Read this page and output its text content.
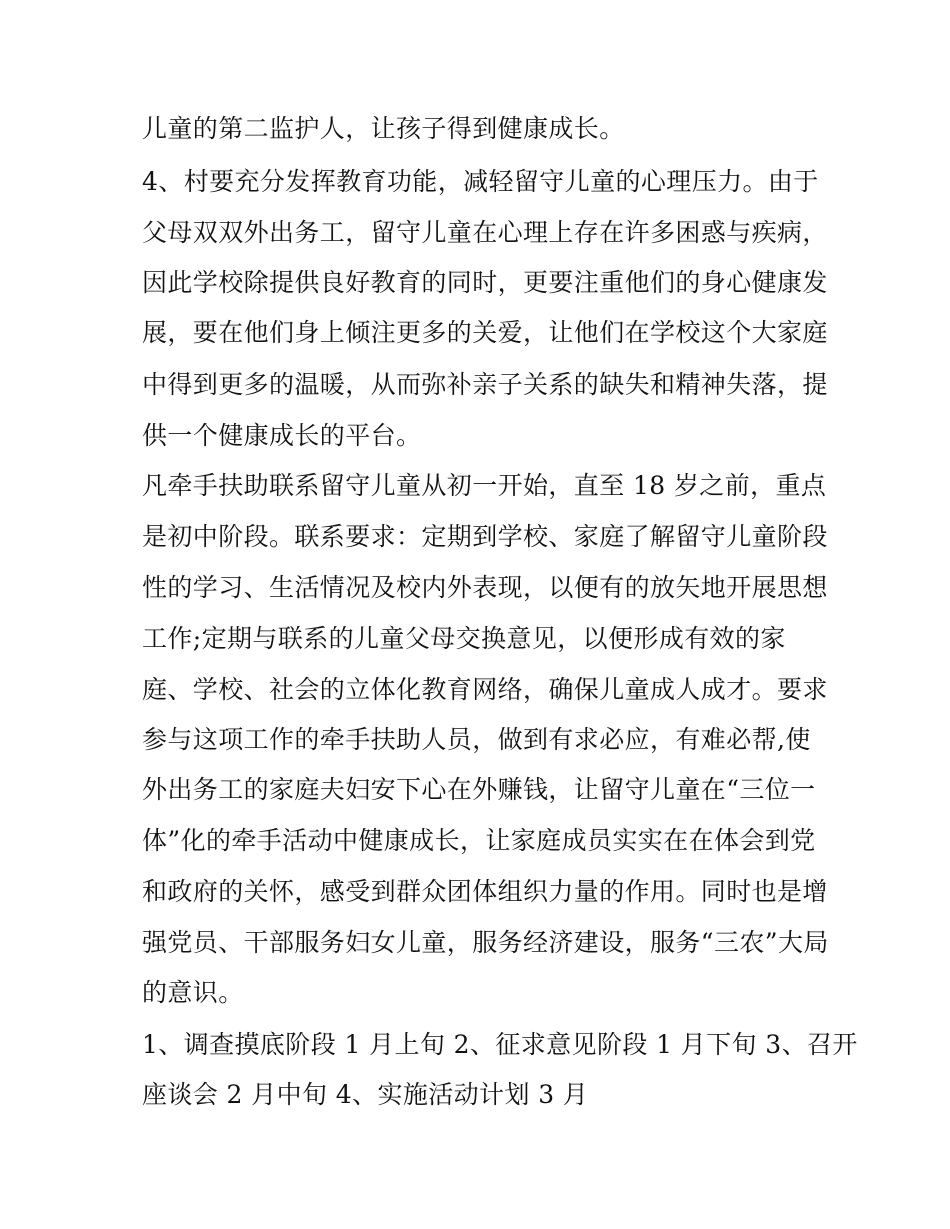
儿童的第二监护人，让孩子得到健康成长。
4、村要充分发挥教育功能，减轻留守儿童的心理压力。由于
父母双双外出务工，留守儿童在心理上存在许多困惑与疾病，
因此学校除提供良好教育的同时，更要注重他们的身心健康发
展，要在他们身上倾注更多的关爱，让他们在学校这个大家庭
中得到更多的温暖，从而弥补亲子关系的缺失和精神失落，提
供一个健康成长的平台。
凡牵手扶助联系留守儿童从初一开始，直至 18 岁之前，重点
是初中阶段。联系要求：定期到学校、家庭了解留守儿童阶段
性的学习、生活情况及校内外表现，以便有的放矢地开展思想
工作;定期与联系的儿童父母交换意见，以便形成有效的家
庭、学校、社会的立体化教育网络，确保儿童成人成才。要求
参与这项工作的牵手扶助人员，做到有求必应，有难必帮,使
外出务工的家庭夫妇安下心在外赚钱，让留守儿童在“三位一
体”化的牵手活动中健康成长，让家庭成员实实在在体会到党
和政府的关怀，感受到群众团体组织力量的作用。同时也是增
强党员、干部服务妇女儿童，服务经济建设，服务“三农”大局
的意识。
1、调查摸底阶段 1 月上旬 2、征求意见阶段 1 月下旬 3、召开
座谈会 2 月中旬 4、实施活动计划 3 月
